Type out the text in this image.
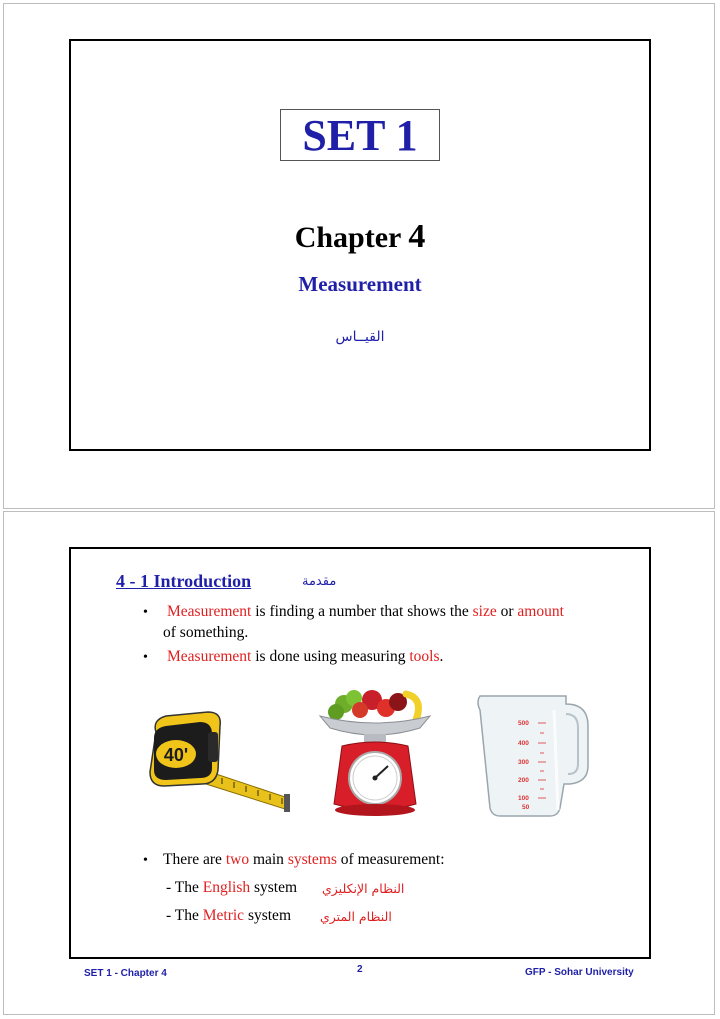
SET 1
Chapter 4
Measurement
القيــاس
4 - 1 Introduction	مقدمة
• Measurement is finding a number that shows the size or amount
of something.
• Measurement is done using measuring tools.
40'
500
400
300
200
100
50
• There are two main systems of measurement:
- The English system النظام الإنكليزي
- The Metric system النظام المتري
SET 1 - Chapter 4	2	GFP - Sohar University
